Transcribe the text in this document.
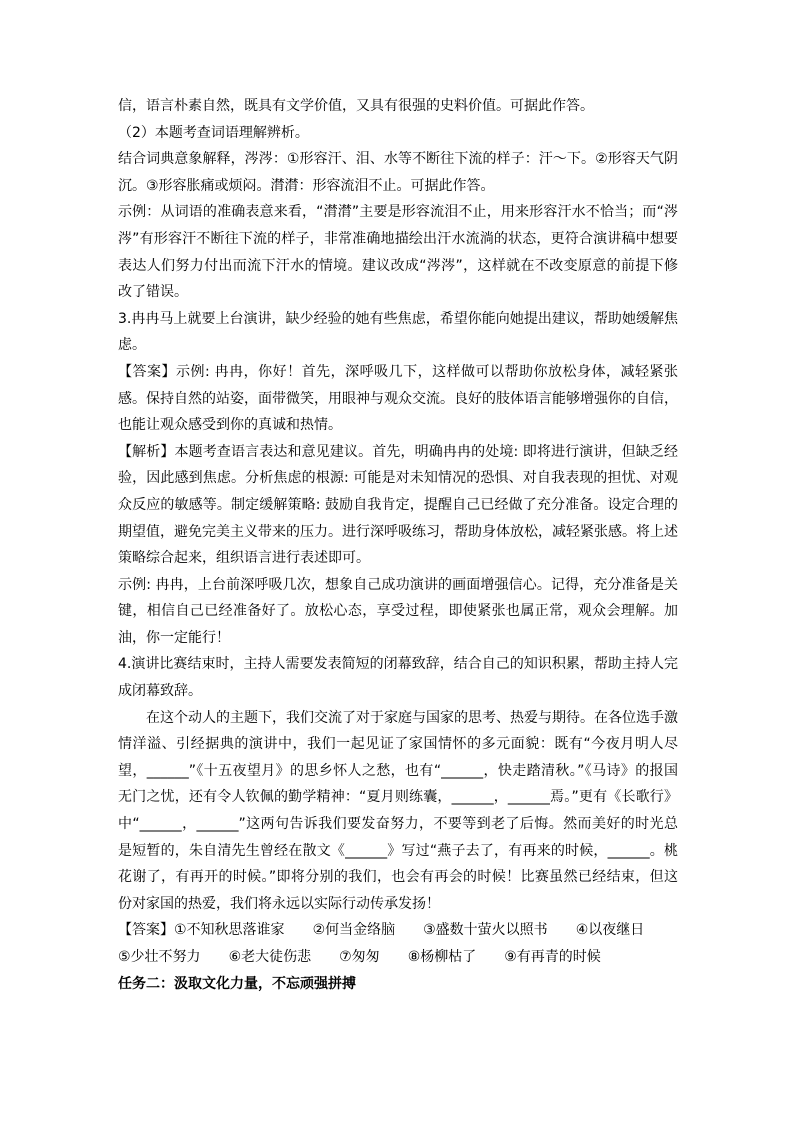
信，语言朴素自然，既具有文学价值，又具有很强的史料价值。可据此作答。

（2）本题考查词语理解辨析。

结合词典意象解释，涔涔：①形容汗、泪、水等不断往下流的样子：汗～下。②形容天气阴沉。③形容胀痛或烦闷。潸潸：形容流泪不止。可据此作答。

示例：从词语的准确表意来看，“潸潸”主要是形容流泪不止，用来形容汗水不恰当；而“涔涔”有形容汗不断往下流的样子，非常准确地描绘出汗水流淌的状态，更符合演讲稿中想要表达人们努力付出而流下汗水的情境。建议改成“涔涔”，这样就在不改变原意的前提下修改了错误。

3.冉冉马上就要上台演讲，缺少经验的她有些焦虑，希望你能向她提出建议，帮助她缓解焦虑。

【答案】示例: 冉冉，你好！首先，深呼吸几下，这样做可以帮助你放松身体，减轻紧张感。保持自然的站姿，面带微笑，用眼神与观众交流。良好的肢体语言能够增强你的自信，也能让观众感受到你的真诚和热情。

【解析】本题考查语言表达和意见建议。首先，明确冉冉的处境: 即将进行演讲，但缺乏经验，因此感到焦虑。分析焦虑的根源: 可能是对未知情况的恐惧、对自我表现的担忧、对观众反应的敏感等。制定缓解策略: 鼓励自我肯定，提醒自己已经做了充分准备。设定合理的期望值，避免完美主义带来的压力。进行深呼吸练习，帮助身体放松，减轻紧张感。将上述策略综合起来，组织语言进行表述即可。

示例: 冉冉，上台前深呼吸几次，想象自己成功演讲的画面增强信心。记得，充分准备是关键，相信自己已经准备好了。放松心态，享受过程，即使紧张也属正常，观众会理解。加油，你一定能行！

4.演讲比赛结束时，主持人需要发表简短的闭幕致辞，结合自己的知识积累，帮助主持人完成闭幕致辞。

在这个动人的主题下，我们交流了对于家庭与国家的思考、热爱与期待。在各位选手激情洋溢、引经据典的演讲中，我们一起见证了家国情怀的多元面貌：既有“今夜月明人尽望，______”《十五夜望月》的思乡怀人之愁，也有“______，快走踏清秋。”《马诗》的报国无门之忧，还有令人钦佩的勤学精神：“夏月则练囊，______，______焉。”更有《长歌行》中“______，______”这两句告诉我们要发奋努力，不要等到老了后悔。然而美好的时光总是短暂的，朱自清先生曾经在散文《______》写过“燕子去了，有再来的时候，______。桃花谢了，有再开的时候。”即将分别的我们，也会有再会的时候！比赛虽然已经结束，但这份对家国的热爱，我们将永远以实际行动传承发扬！

【答案】 ①不知秋思落谁家 ②何当金络脑 ③盛数十萤火以照书 ④以夜继日
⑤少壮不努力 ⑥老大徒伤悲 ⑦匆匆 ⑧杨柳枯了 ⑨有再青的时候

任务二：汲取文化力量，不忘顽强拼搏
